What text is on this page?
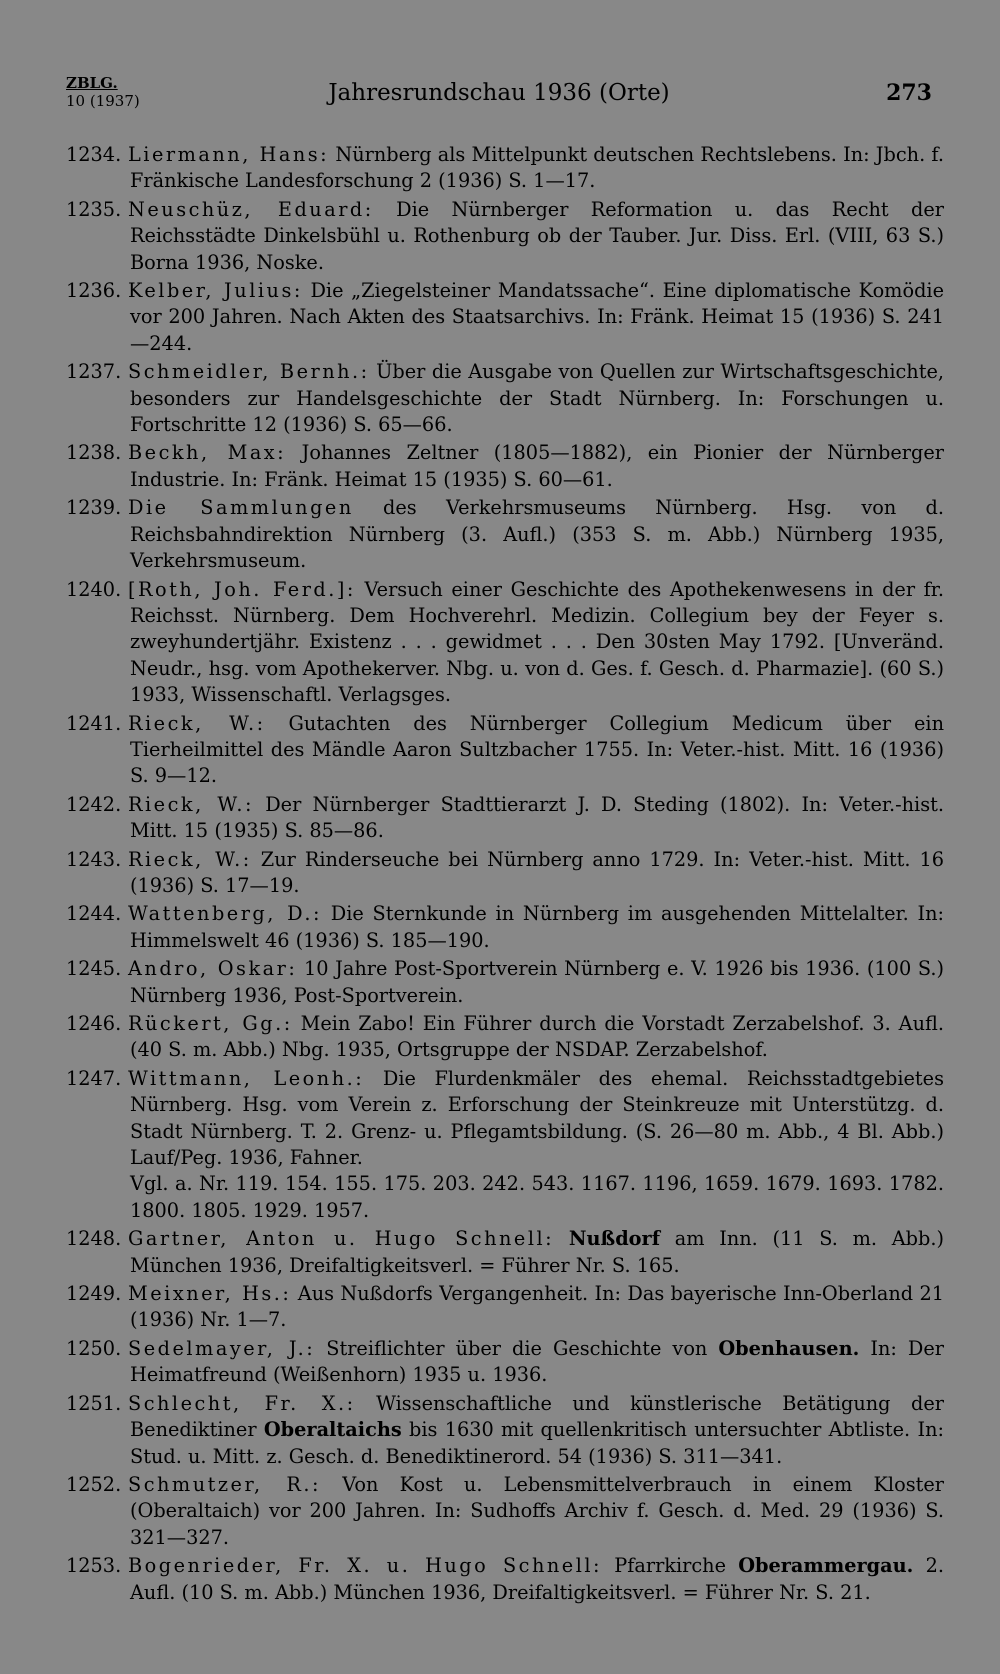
ZBLG.
10 (1937)	Jahresrundschau 1936 (Orte)	273

1234. Liermann, Hans: Nürnberg als Mittelpunkt deutschen Rechtslebens. In: Jbch. f. Fränkische Landesforschung 2 (1936) S. 1—17.

1235. Neuschüz, Eduard: Die Nürnberger Reformation u. das Recht der Reichsstädte Dinkelsbühl u. Rothenburg ob der Tauber. Jur. Diss. Erl. (VIII, 63 S.) Borna 1936, Noske.

1236. Kelber, Julius: Die „Ziegelsteiner Mandatssache“. Eine diplomatische Komödie vor 200 Jahren. Nach Akten des Staatsarchivs. In: Fränk. Heimat 15 (1936) S. 241—244.

1237. Schmeidler, Bernh.: Über die Ausgabe von Quellen zur Wirtschaftsgeschichte, besonders zur Handelsgeschichte der Stadt Nürnberg. In: Forschungen u. Fortschritte 12 (1936) S. 65—66.

1238. Beckh, Max: Johannes Zeltner (1805—1882), ein Pionier der Nürnberger Industrie. In: Fränk. Heimat 15 (1935) S. 60—61.

1239. Die Sammlungen des Verkehrsmuseums Nürnberg. Hsg. von d. Reichsbahndirektion Nürnberg (3. Aufl.) (353 S. m. Abb.) Nürnberg 1935, Verkehrsmuseum.

1240. [Roth, Joh. Ferd.]: Versuch einer Geschichte des Apothekenwesens in der fr. Reichsst. Nürnberg. Dem Hochverehrl. Medizin. Collegium bey der Feyer s. zweyhundertjähr. Existenz . . . gewidmet . . . Den 30sten May 1792. [Unveränd. Neudr., hsg. vom Apothekerver. Nbg. u. von d. Ges. f. Gesch. d. Pharmazie]. (60 S.) 1933, Wissenschaftl. Verlagsges.

1241. Rieck, W.: Gutachten des Nürnberger Collegium Medicum über ein Tierheilmittel des Mändle Aaron Sultzbacher 1755. In: Veter.-hist. Mitt. 16 (1936) S. 9—12.

1242. Rieck, W.: Der Nürnberger Stadttierarzt J. D. Steding (1802). In: Veter.-hist. Mitt. 15 (1935) S. 85—86.

1243. Rieck, W.: Zur Rinderseuche bei Nürnberg anno 1729. In: Veter.-hist. Mitt. 16 (1936) S. 17—19.

1244. Wattenberg, D.: Die Sternkunde in Nürnberg im ausgehenden Mittelalter. In: Himmelswelt 46 (1936) S. 185—190.

1245. Andro, Oskar: 10 Jahre Post-Sportverein Nürnberg e. V. 1926 bis 1936. (100 S.) Nürnberg 1936, Post-Sportverein.

1246. Rückert, Gg.: Mein Zabo! Ein Führer durch die Vorstadt Zerzabelshof. 3. Aufl. (40 S. m. Abb.) Nbg. 1935, Ortsgruppe der NSDAP. Zerzabelshof.

1247. Wittmann, Leonh.: Die Flurdenkmäler des ehemal. Reichsstadtgebietes Nürnberg. Hsg. vom Verein z. Erforschung der Steinkreuze mit Unterstützg. d. Stadt Nürnberg. T. 2. Grenz- u. Pflegamtsbildung. (S. 26—80 m. Abb., 4 Bl. Abb.) Lauf/Peg. 1936, Fahner.
Vgl. a. Nr. 119. 154. 155. 175. 203. 242. 543. 1167. 1196, 1659. 1679. 1693. 1782. 1800. 1805. 1929. 1957.

1248. Gartner, Anton u. Hugo Schnell: Nußdorf am Inn. (11 S. m. Abb.) München 1936, Dreifaltigkeitsverl. = Führer Nr. S. 165.

1249. Meixner, Hs.: Aus Nußdorfs Vergangenheit. In: Das bayerische Inn-Oberland 21 (1936) Nr. 1—7.

1250. Sedelmayer, J.: Streiflichter über die Geschichte von Obenhausen. In: Der Heimatfreund (Weißenhorn) 1935 u. 1936.

1251. Schlecht, Fr. X.: Wissenschaftliche und künstlerische Betätigung der Benediktiner Oberaltaichs bis 1630 mit quellenkritisch untersuchter Abtliste. In: Stud. u. Mitt. z. Gesch. d. Benediktinerord. 54 (1936) S. 311—341.

1252. Schmutzer, R.: Von Kost u. Lebensmittelverbrauch in einem Kloster (Oberaltaich) vor 200 Jahren. In: Sudhoffs Archiv f. Gesch. d. Med. 29 (1936) S. 321—327.

1253. Bogenrieder, Fr. X. u. Hugo Schnell: Pfarrkirche Oberammergau. 2. Aufl. (10 S. m. Abb.) München 1936, Dreifaltigkeitsverl. = Führer Nr. S. 21.
